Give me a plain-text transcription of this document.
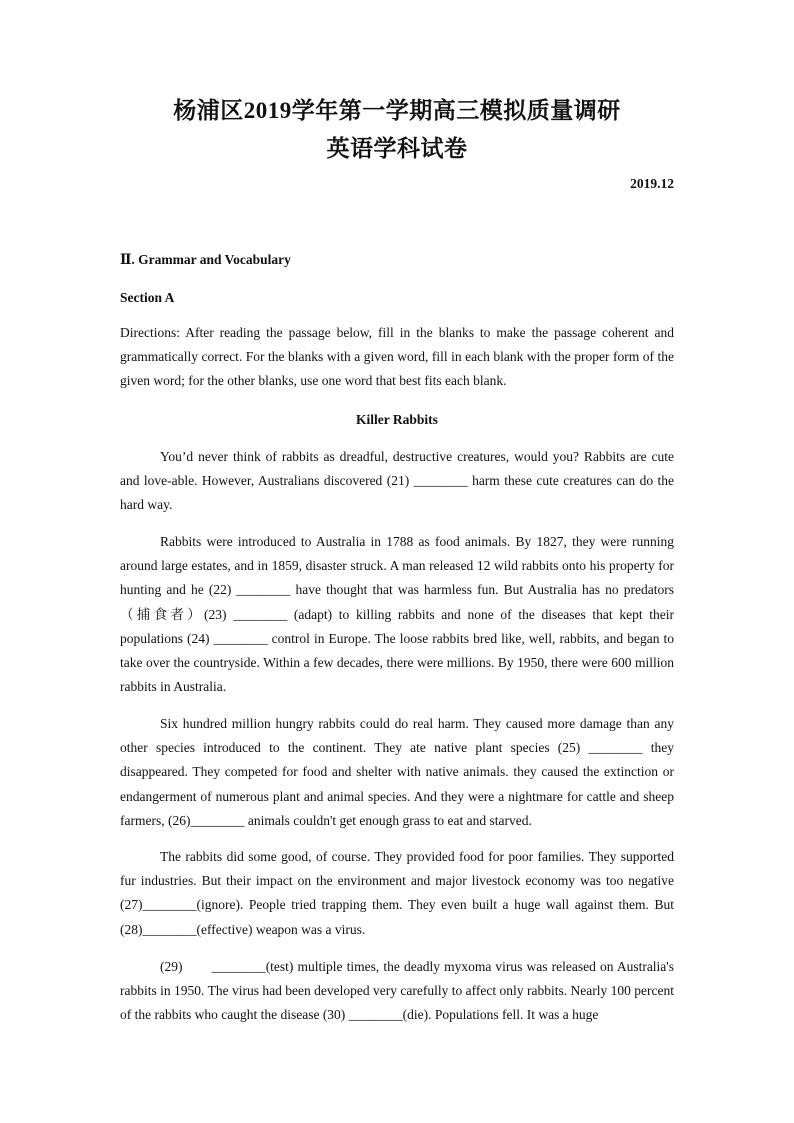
杨浦区2019学年第一学期高三模拟质量调研
英语学科试卷
2019.12
Ⅱ. Grammar and Vocabulary
Section A
Directions: After reading the passage below, fill in the blanks to make the passage coherent and grammatically correct. For the blanks with a given word, fill in each blank with the proper form of the given word; for the other blanks, use one word that best fits each blank.
Killer Rabbits

You’d never think of rabbits as dreadful, destructive creatures, would you? Rabbits are cute and love-able. However, Australians discovered (21) ________ harm these cute creatures can do the hard way.

Rabbits were introduced to Australia in 1788 as food animals. By 1827, they were running around large estates, and in 1859, disaster struck. A man released 12 wild rabbits onto his property for hunting and he (22) ________ have thought that was harmless fun. But Australia has no predators（捕食者）(23) ________ (adapt) to killing rabbits and none of the diseases that kept their populations (24) ________ control in Europe. The loose rabbits bred like, well, rabbits, and began to take over the countryside. Within a few decades, there were millions. By 1950, there were 600 million rabbits in Australia.

Six hundred million hungry rabbits could do real harm. They caused more damage than any other species introduced to the continent. They ate native plant species (25) ________ they disappeared. They competed for food and shelter with native animals. they caused the extinction or endangerment of numerous plant and animal species. And they were a nightmare for cattle and sheep farmers, (26)________ animals couldn't get enough grass to eat and starved.

The rabbits did some good, of course. They provided food for poor families. They supported fur industries. But their impact on the environment and major livestock economy was too negative (27)________(ignore). People tried trapping them. They even built a huge wall against them. But (28)________(effective) weapon was a virus.

(29)　　________(test) multiple times, the deadly myxoma virus was released on Australia's rabbits in 1950. The virus had been developed very carefully to affect only rabbits. Nearly 100 percent of the rabbits who caught the disease (30) ________(die). Populations fell. It was a huge
